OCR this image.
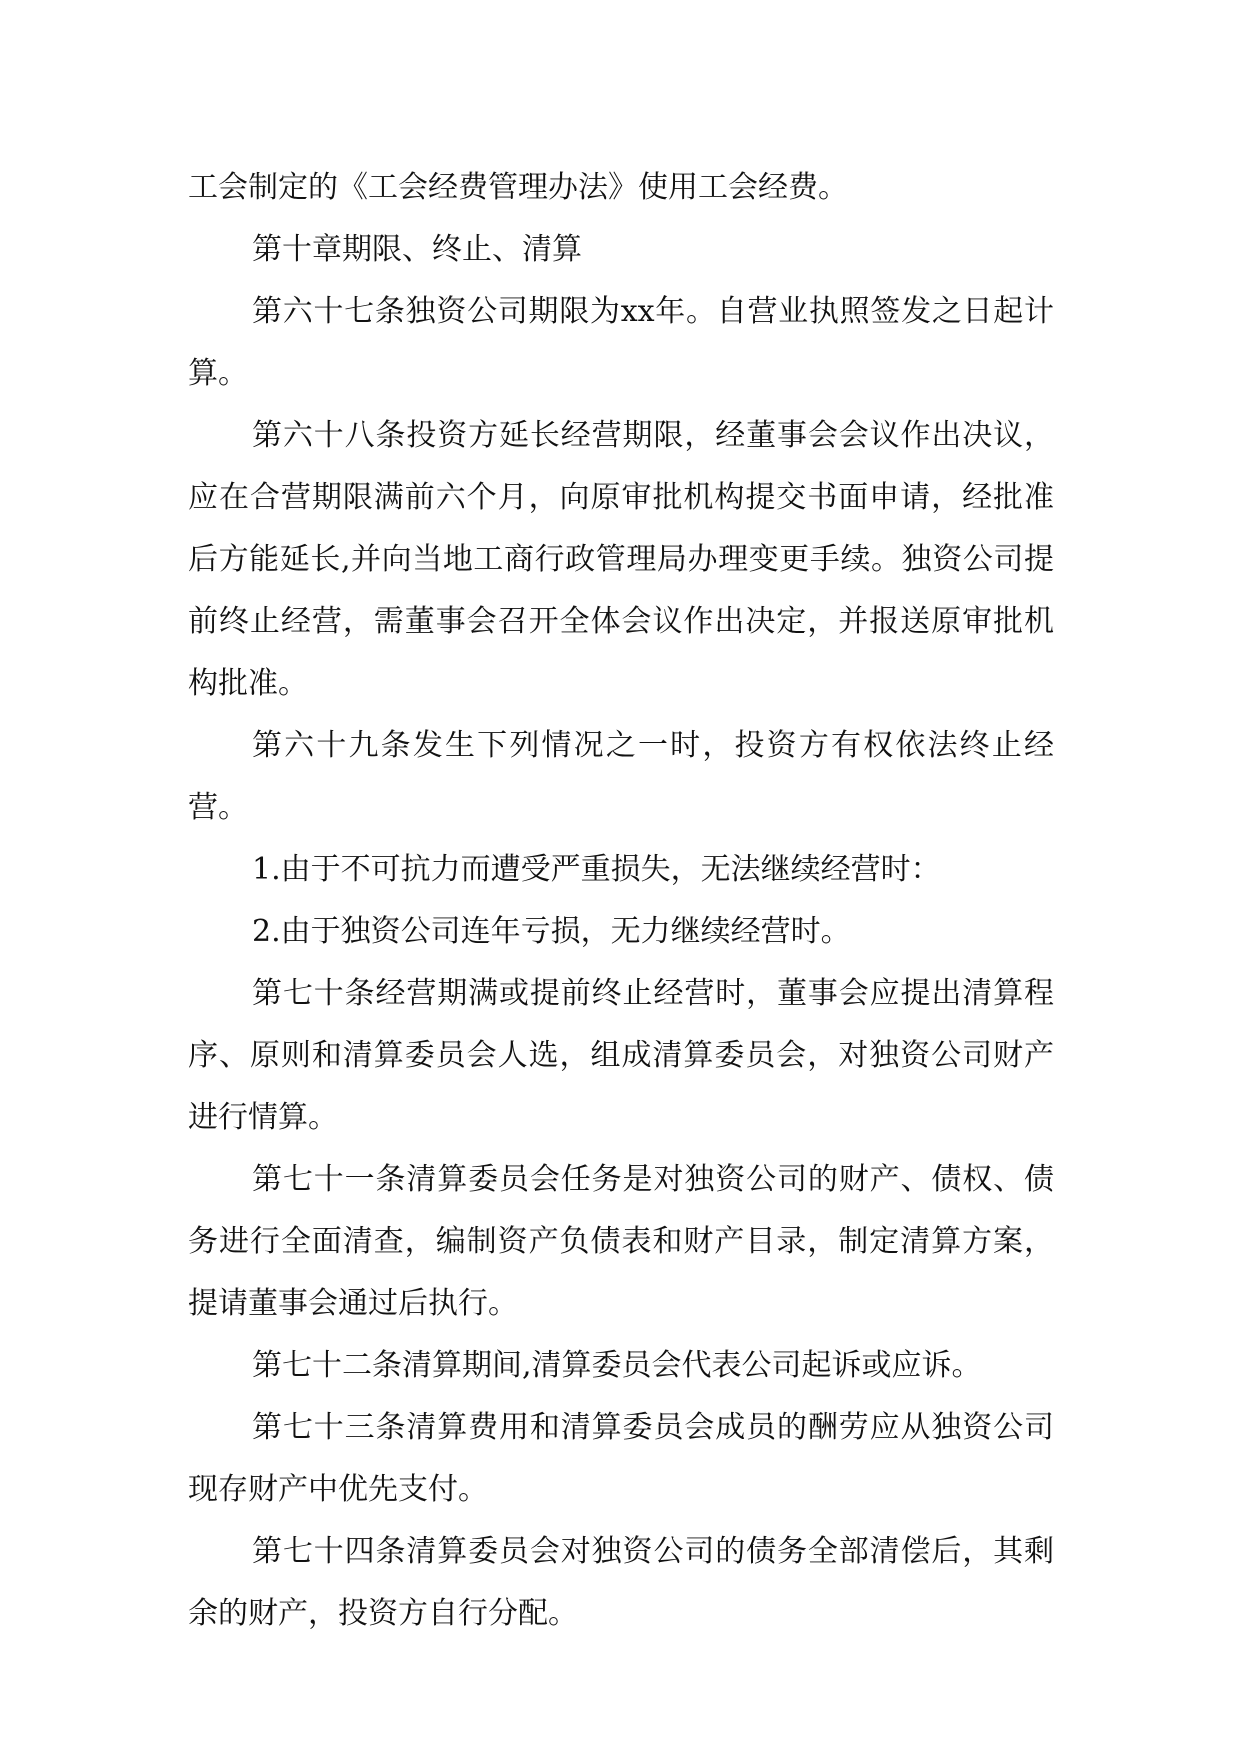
工会制定的《工会经费管理办法》使用工会经费。

第十章期限、终止、清算

第六十七条独资公司期限为xx年。自营业执照签发之日起计算。

第六十八条投资方延长经营期限，经董事会会议作出决议，应在合营期限满前六个月，向原审批机构提交书面申请，经批准后方能延长,并向当地工商行政管理局办理变更手续。独资公司提前终止经营，需董事会召开全体会议作出决定，并报送原审批机构批准。

第六十九条发生下列情况之一时，投资方有权依法终止经营。

1.由于不可抗力而遭受严重损失，无法继续经营时：

2.由于独资公司连年亏损，无力继续经营时。

第七十条经营期满或提前终止经营时，董事会应提出清算程序、原则和清算委员会人选，组成清算委员会，对独资公司财产进行情算。

第七十一条清算委员会任务是对独资公司的财产、债权、债务进行全面清查，编制资产负债表和财产目录，制定清算方案，提请董事会通过后执行。

第七十二条清算期间,清算委员会代表公司起诉或应诉。

第七十三条清算费用和清算委员会成员的酬劳应从独资公司现存财产中优先支付。

第七十四条清算委员会对独资公司的债务全部清偿后，其剩余的财产，投资方自行分配。
